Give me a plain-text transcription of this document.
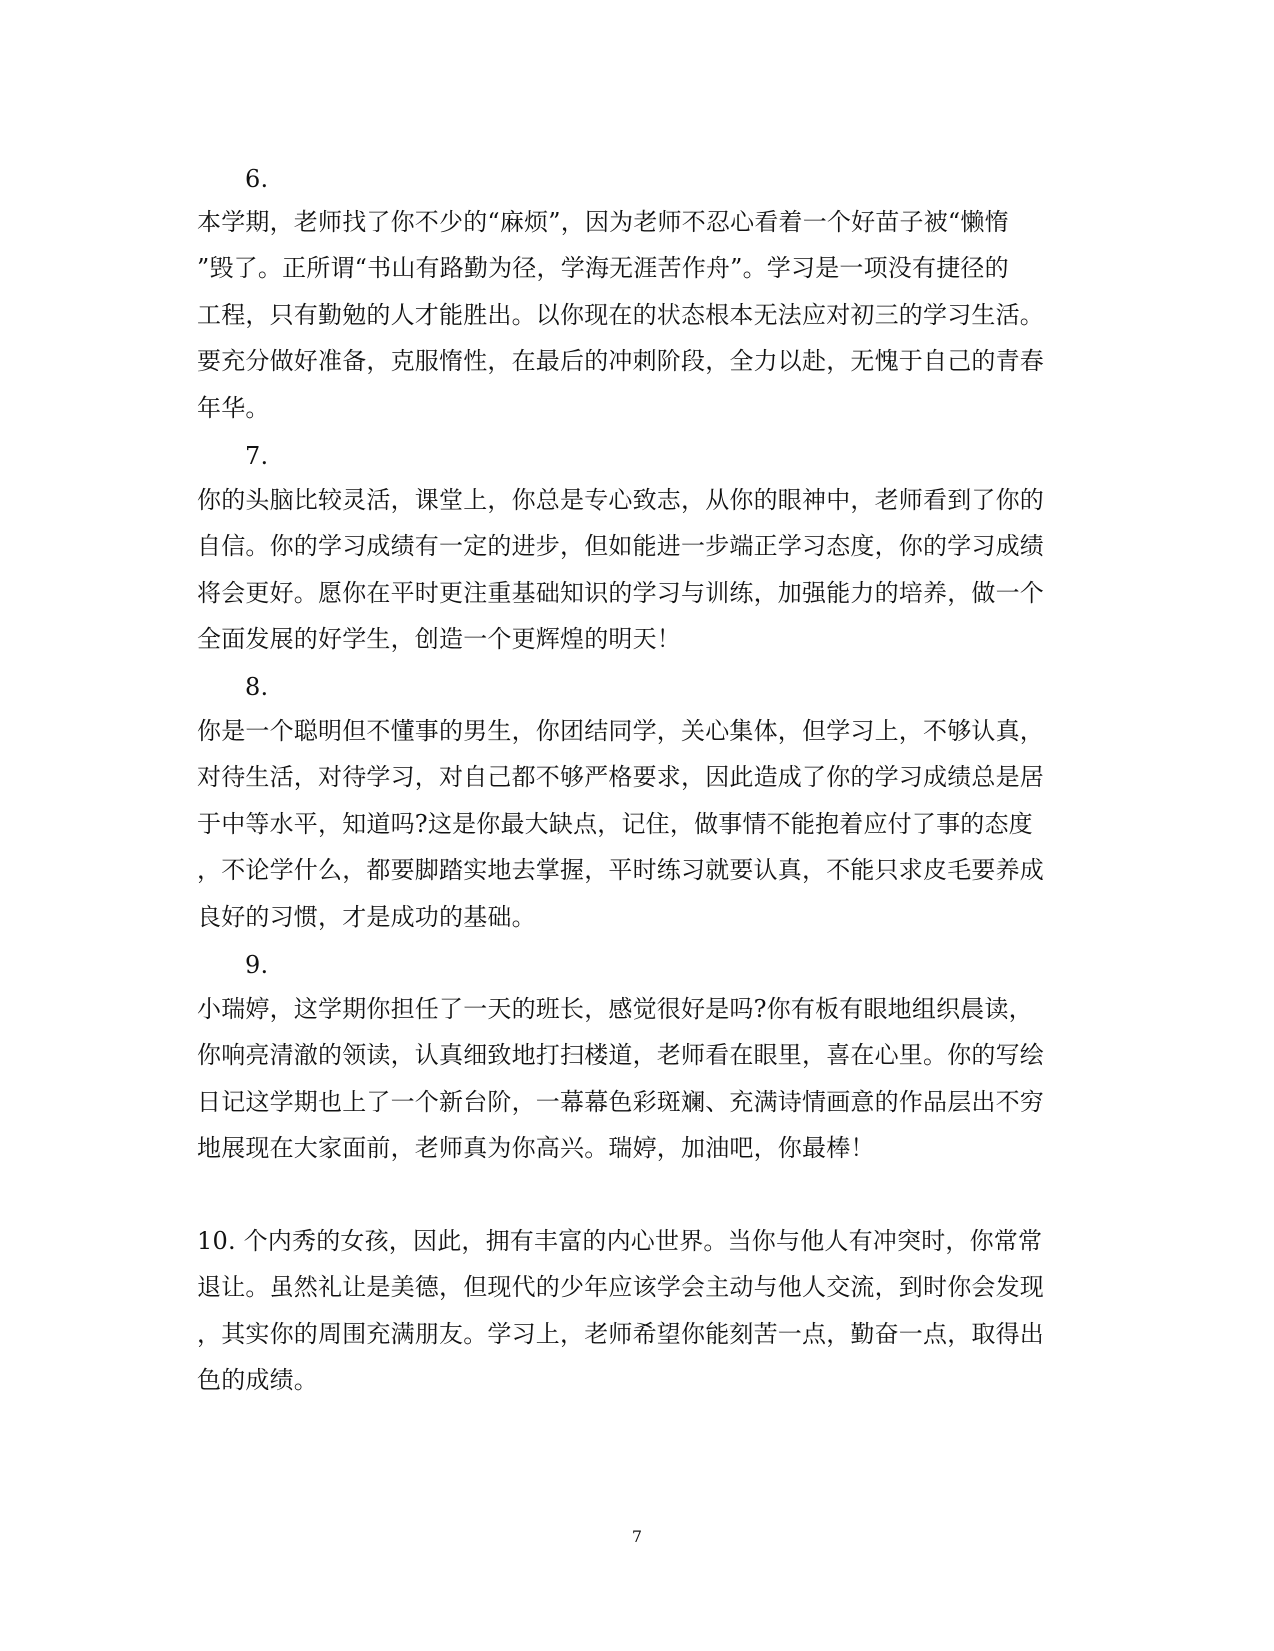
6.
本学期，老师找了你不少的“麻烦”，因为老师不忍心看着一个好苗子被“懒惰
”毁了。正所谓“书山有路勤为径，学海无涯苦作舟”。学习是一项没有捷径的
工程，只有勤勉的人才能胜出。以你现在的状态根本无法应对初三的学习生活。
要充分做好准备，克服惰性，在最后的冲刺阶段，全力以赴，无愧于自己的青春
年华。
7.
你的头脑比较灵活，课堂上，你总是专心致志，从你的眼神中，老师看到了你的
自信。你的学习成绩有一定的进步，但如能进一步端正学习态度，你的学习成绩
将会更好。愿你在平时更注重基础知识的学习与训练，加强能力的培养，做一个
全面发展的好学生，创造一个更辉煌的明天！
8.
你是一个聪明但不懂事的男生，你团结同学，关心集体，但学习上，不够认真，
对待生活，对待学习，对自己都不够严格要求，因此造成了你的学习成绩总是居
于中等水平，知道吗?这是你最大缺点，记住，做事情不能抱着应付了事的态度
，不论学什么，都要脚踏实地去掌握，平时练习就要认真，不能只求皮毛要养成
良好的习惯，才是成功的基础。
9.
小瑞婷，这学期你担任了一天的班长，感觉很好是吗?你有板有眼地组织晨读，
你响亮清澈的领读，认真细致地打扫楼道，老师看在眼里，喜在心里。你的写绘
日记这学期也上了一个新台阶，一幕幕色彩斑斓、充满诗情画意的作品层出不穷
地展现在大家面前，老师真为你高兴。瑞婷，加油吧，你最棒！
10. 个内秀的女孩，因此，拥有丰富的内心世界。当你与他人有冲突时，你常常
退让。虽然礼让是美德，但现代的少年应该学会主动与他人交流，到时你会发现
，其实你的周围充满朋友。学习上，老师希望你能刻苦一点，勤奋一点，取得出
色的成绩。
7
